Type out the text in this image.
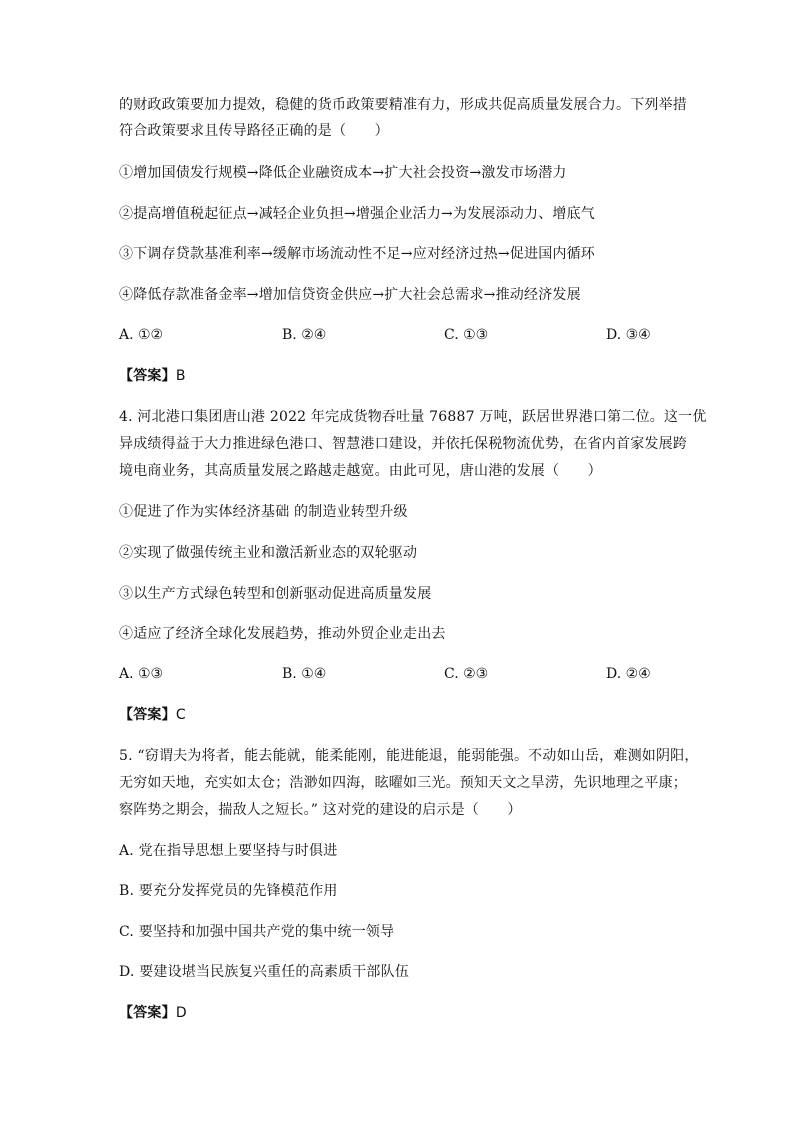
的财政政策要加力提效，稳健的货币政策要精准有力，形成共促高质量发展合力。下列举措
符合政策要求且传导路径正确的是（　　）
①增加国债发行规模→降低企业融资成本→扩大社会投资→激发市场潜力
②提高增值税起征点→减轻企业负担→增强企业活力→为发展添动力、增底气
③下调存贷款基准利率→缓解市场流动性不足→应对经济过热→促进国内循环
④降低存款准备金率→增加信贷资金供应→扩大社会总需求→推动经济发展
A. ①②	B. ②④	C. ①③	D. ③④
【答案】B
4. 河北港口集团唐山港 2022 年完成货物吞吐量 76887 万吨，跃居世界港口第二位。这一优
异成绩得益于大力推进绿色港口、智慧港口建设，并依托保税物流优势，在省内首家发展跨
境电商业务，其高质量发展之路越走越宽。由此可见，唐山港的发展（　　）
①促进了作为实体经济基础 的制造业转型升级
②实现了做强传统主业和激活新业态的双轮驱动
③以生产方式绿色转型和创新驱动促进高质量发展
④适应了经济全球化发展趋势，推动外贸企业走出去
A. ①③	B. ①④	C. ②③	D. ②④
【答案】C
5. “窃谓夫为将者，能去能就，能柔能刚，能进能退，能弱能强。不动如山岳，难测如阴阳，
无穷如天地，充实如太仓；浩渺如四海，眩曜如三光。预知天文之旱涝，先识地理之平康；
察阵势之期会，揣敌人之短长。” 这对党的建设的启示是（　　）
A. 党在指导思想上要坚持与时俱进
B. 要充分发挥党员的先锋模范作用
C. 要坚持和加强中国共产党的集中统一领导
D. 要建设堪当民族复兴重任的高素质干部队伍
【答案】D
